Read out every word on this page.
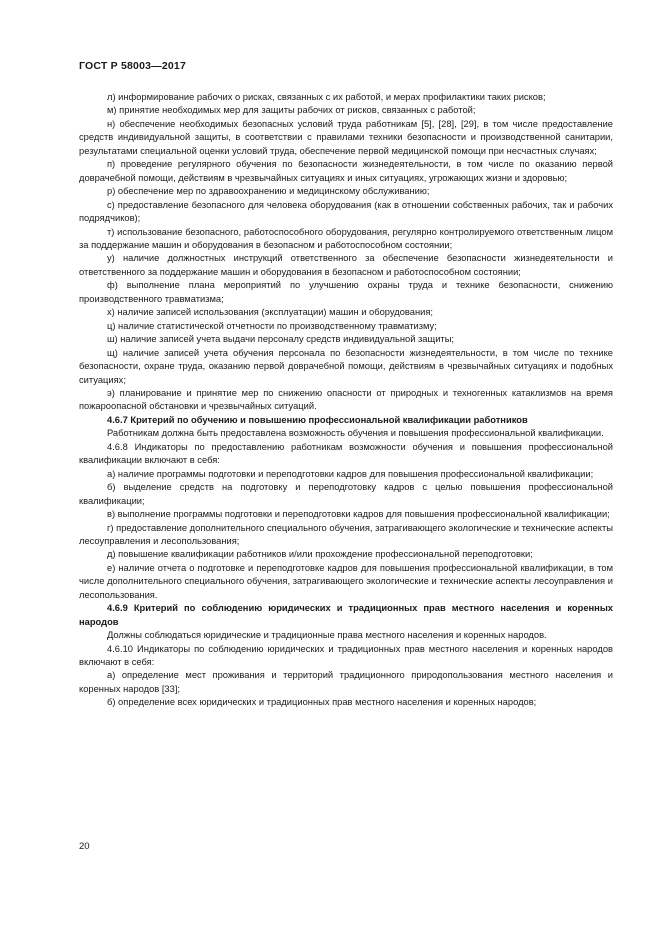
ГОСТ Р 58003—2017

л) информирование рабочих о рисках, связанных с их работой, и мерах профилактики таких рисков;

м) принятие необходимых мер для защиты рабочих от рисков, связанных с работой;

н) обеспечение необходимых безопасных условий труда работникам [5], [28], [29], в том числе предоставление средств индивидуальной защиты, в соответствии с правилами техники безопасности и производственной санитарии, результатами специальной оценки условий труда, обеспечение первой медицинской помощи при несчастных случаях;

п) проведение регулярного обучения по безопасности жизнедеятельности, в том числе по оказанию первой доврачебной помощи, действиям в чрезвычайных ситуациях и иных ситуациях, угрожающих жизни и здоровью;

р) обеспечение мер по здравоохранению и медицинскому обслуживанию;

с) предоставление безопасного для человека оборудования (как в отношении собственных рабочих, так и рабочих подрядчиков);

т) использование безопасного, работоспособного оборудования, регулярно контролируемого ответственным лицом за поддержание машин и оборудования в безопасном и работоспособном состоянии;

у) наличие должностных инструкций ответственного за обеспечение безопасности жизнедеятельности и ответственного за поддержание машин и оборудования в безопасном и работоспособном состоянии;

ф) выполнение плана мероприятий по улучшению охраны труда и технике безопасности, снижению производственного травматизма;

х) наличие записей использования (эксплуатации) машин и оборудования;

ц) наличие статистической отчетности по производственному травматизму;

ш) наличие записей учета выдачи персоналу средств индивидуальной защиты;

щ) наличие записей учета обучения персонала по безопасности жизнедеятельности, в том числе по технике безопасности, охране труда, оказанию первой доврачебной помощи, действиям в чрезвычайных ситуациях и подобных ситуациях;

э) планирование и принятие мер по снижению опасности от природных и техногенных катаклизмов на время пожароопасной обстановки и чрезвычайных ситуаций.

4.6.7 Критерий по обучению и повышению профессиональной квалификации работников

Работникам должна быть предоставлена возможность обучения и повышения профессиональной квалификации.

4.6.8 Индикаторы по предоставлению работникам возможности обучения и повышения профессиональной квалификации включают в себя:

а) наличие программы подготовки и переподготовки кадров для повышения профессиональной квалификации;

б) выделение средств на подготовку и переподготовку кадров с целью повышения профессиональной квалификации;

в) выполнение программы подготовки и переподготовки кадров для повышения профессиональной квалификации;

г) предоставление дополнительного специального обучения, затрагивающего экологические и технические аспекты лесоуправления и лесопользования;

д) повышение квалификации работников и/или прохождение профессиональной переподготовки;

е) наличие отчета о подготовке и переподготовке кадров для повышения профессиональной квалификации, в том числе дополнительного специального обучения, затрагивающего экологические и технические аспекты лесоуправления и лесопользования.

4.6.9 Критерий по соблюдению юридических и традиционных прав местного населения и коренных народов

Должны соблюдаться юридические и традиционные права местного населения и коренных народов.

4.6.10 Индикаторы по соблюдению юридических и традиционных прав местного населения и коренных народов включают в себя:

а) определение мест проживания и территорий традиционного природопользования местного населения и коренных народов [33];

б) определение всех юридических и традиционных прав местного населения и коренных народов;

20
